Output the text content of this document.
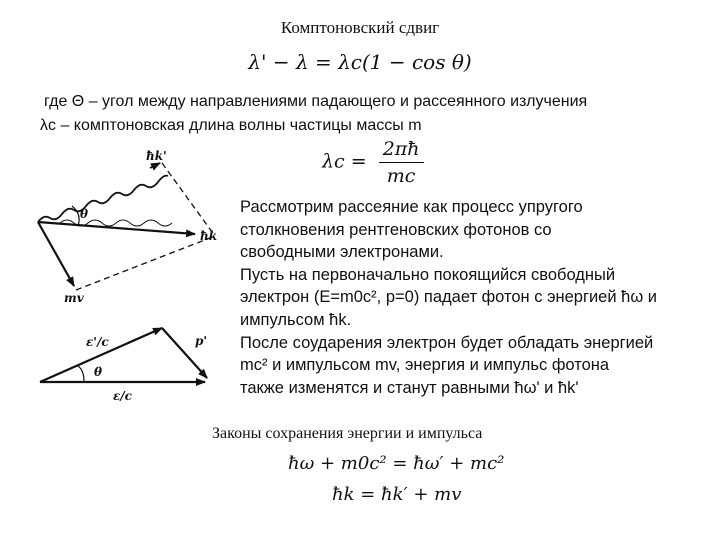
Комптоновский сдвиг
λ' − λ = λc(1 − cos θ)
где Θ – угол между направлениями падающего и рассеянного излучения
λc – комптоновская длина волны частицы массы m
$\lambda c = \frac{2\pi ħ}{mc}$
Рассмотрим рассеяние как процесс упругого
столкновения рентгеновских фотонов со
свободными электронами.
Пусть на первоначально покоящийся свободный
электрон (E=m0c², p=0) падает фотон с энергией ħω и
импульсом ħk.
После соударения электрон будет обладать энергией
mc² и импульсом mv, энергия и импульс фотона
также изменятся и станут равными ħω' и ħk'
Законы сохранения энергии и импульса
ħω + m0c² = ħω′ + mc²
ħk = ħk′ + mv
ħk'
ħk
θ
mv
ε'/c	p'
θ
ε/c
